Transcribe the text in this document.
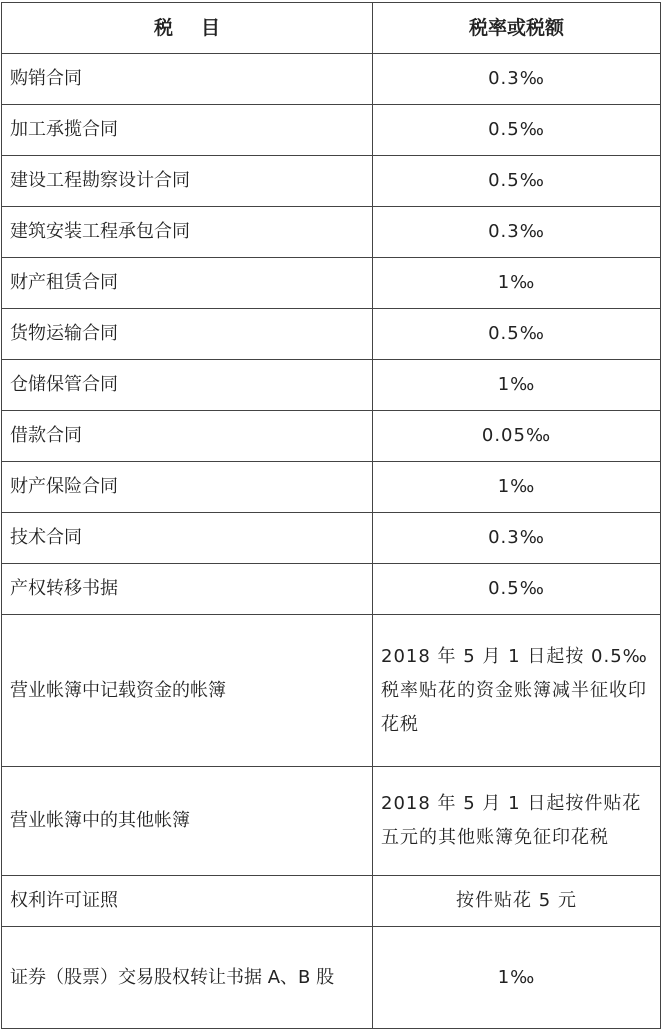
税目	税率或税额
购销合同	0.3‰
加工承揽合同	0.5‰
建设工程勘察设计合同	0.5‰
建筑安装工程承包合同	0.3‰
财产租赁合同	1‰
货物运输合同	0.5‰
仓储保管合同	1‰
借款合同	0.05‰
财产保险合同	1‰
技术合同	0.3‰
产权转移书据	0.5‰
营业帐簿中记载资金的帐簿	2018 年 5 月 1 日起按 0.5‰ 税率贴花的资金账簿减半征收印花税
营业帐簿中的其他帐簿	2018 年 5 月 1 日起按件贴花五元的其他账簿免征印花税
权利许可证照	按件贴花 5 元
证券（股票）交易股权转让书据 A、B 股	1‰
